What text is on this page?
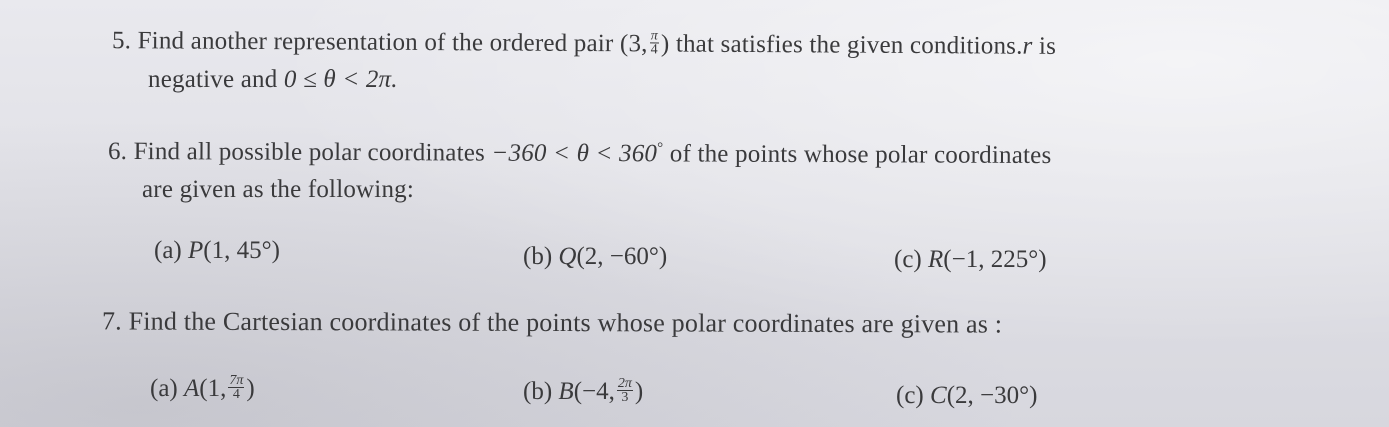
5. Find another representation of the ordered pair (3, $\frac{\pi}{4}$ ) that satisfies the given conditions.r is
negative and 0 ≤ θ < 2π.
6. Find all possible polar coordinates −360 < θ < 360° of the points whose polar coordinates
are given as the following:
(a) P(1, 45°)	(b) Q(2, −60°)	(c) R(−1, 225°)
7. Find the Cartesian coordinates of the points whose polar coordinates are given as :
(a) A(1, $\frac{7\pi}{4}$ )	(b) B(−4, $\frac{2\pi}{3}$ )	(c) C(2, −30°)
